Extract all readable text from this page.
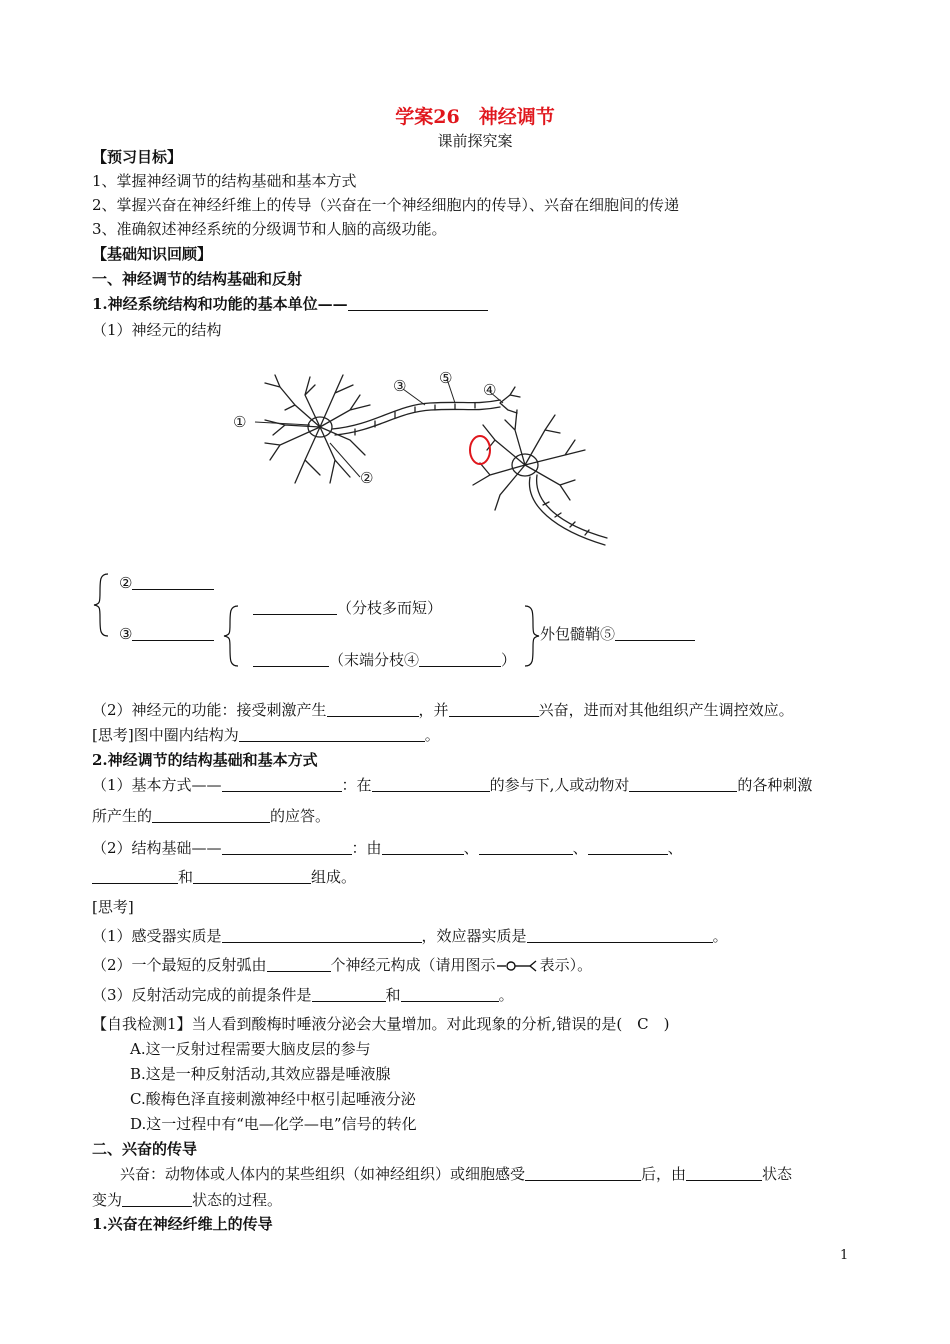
学案26　神经调节
课前探究案
【预习目标】
1、掌握神经调节的结构基础和基本方式
2、掌握兴奋在神经纤维上的传导（兴奋在一个神经细胞内的传导）、兴奋在细胞间的传递
3、准确叙述神经系统的分级调节和人脑的高级功能。
【基础知识回顾】
一、神经调节的结构基础和反射
1.神经系统结构和功能的基本单位——
（1）神经元的结构
①
②
③	④
⑤
②
③
（分枝多而短）
（末端分枝④	）
外包髓鞘⑤
（2）神经元的功能：接受刺激产生	，并	兴奋，进而对其他组织产生调控效应。
[思考]图中圈内结构为	。
2.神经调节的结构基础和基本方式
（1）基本方式——	：在	的参与下,人或动物对	的各种刺激
所产生的	的应答。
（2）结构基础——	：由	、	、	、
和	组成。
[思考]
（1）感受器实质是	，效应器实质是	。
（2）一个最短的反射弧由	个神经元构成（请用图示	表示）。
（3）反射活动完成的前提条件是	和	。
【自我检测1】当人看到酸梅时唾液分泌会大量增加。对此现象的分析,错误的是(　C　)
A.这一反射过程需要大脑皮层的参与
B.这是一种反射活动,其效应器是唾液腺
C.酸梅色泽直接刺激神经中枢引起唾液分泌
D.这一过程中有“电—化学—电”信号的转化
二、兴奋的传导
兴奋：动物体或人体内的某些组织（如神经组织）或细胞感受	后，由	状态
变为	状态的过程。
1.兴奋在神经纤维上的传导
1
